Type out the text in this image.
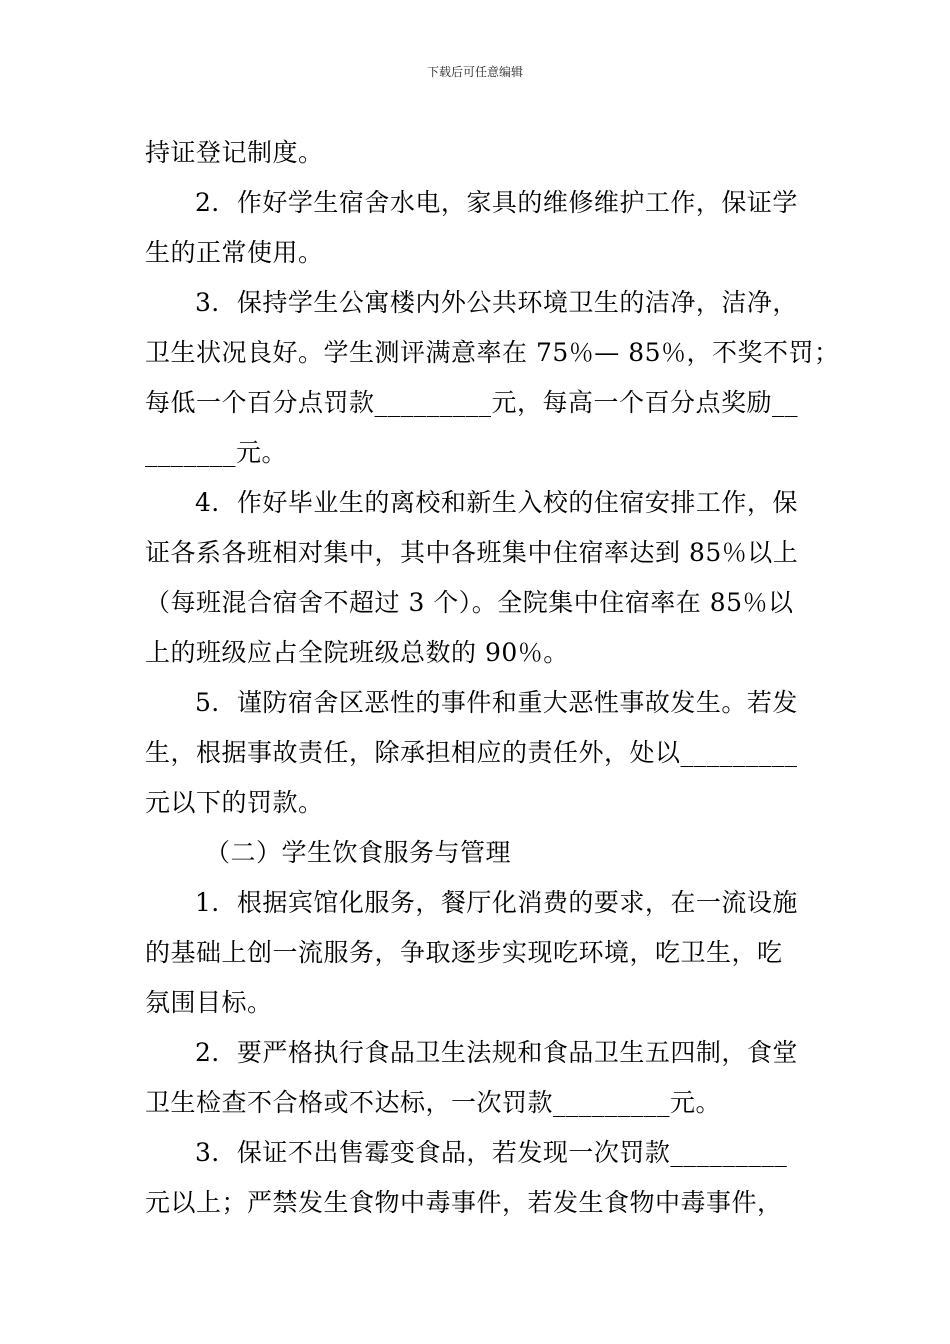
下载后可任意编辑
持证登记制度。
2．作好学生宿舍水电，家具的维修维护工作，保证学
生的正常使用。
3．保持学生公寓楼内外公共环境卫生的洁净，洁净，
卫生状况良好。学生测评满意率在 75％— 85％，不奖不罚；
每低一个百分点罚款_________元，每高一个百分点奖励__
_______元。
4．作好毕业生的离校和新生入校的住宿安排工作，保
证各系各班相对集中，其中各班集中住宿率达到 85％以上
（每班混合宿舍不超过 3 个）。全院集中住宿率在 85％以
上的班级应占全院班级总数的 90％。
5．谨防宿舍区恶性的事件和重大恶性事故发生。若发
生，根据事故责任，除承担相应的责任外，处以_________
元以下的罚款。
（二）学生饮食服务与管理
1．根据宾馆化服务，餐厅化消费的要求，在一流设施
的基础上创一流服务，争取逐步实现吃环境，吃卫生，吃
氛围目标。
2．要严格执行食品卫生法规和食品卫生五四制，食堂
卫生检查不合格或不达标，一次罚款_________元。
3．保证不出售霉变食品，若发现一次罚款_________
元以上；严禁发生食物中毒事件，若发生食物中毒事件，
